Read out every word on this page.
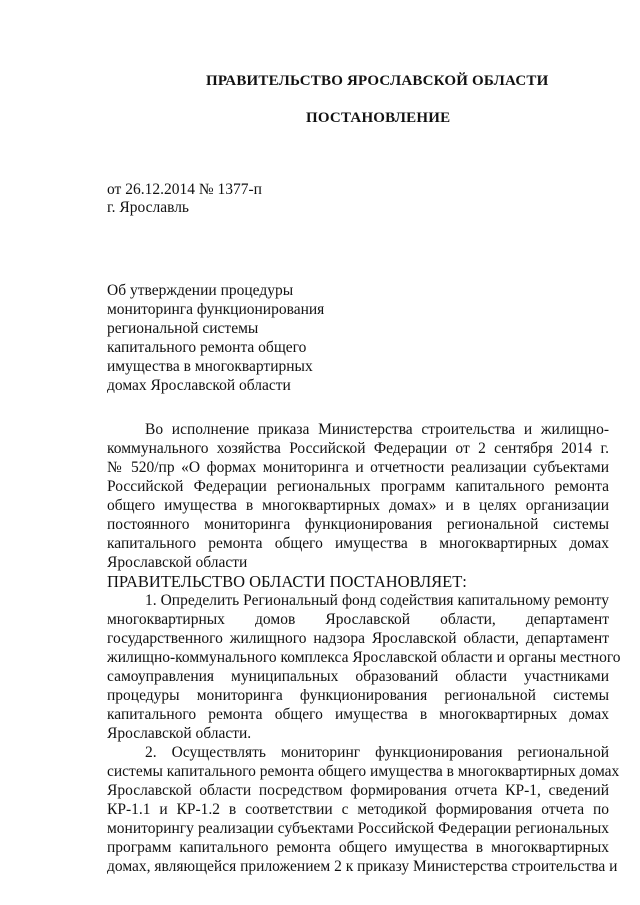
ПРАВИТЕЛЬСТВО ЯРОСЛАВСКОЙ ОБЛАСТИ
ПОСТАНОВЛЕНИЕ
от 26.12.2014 № 1377-п
г. Ярославль
Об утверждении процедуры
мониторинга функционирования
региональной системы
капитального ремонта общего
имущества в многоквартирных
домах Ярославской области
Во исполнение приказа Министерства строительства и жилищно-
коммунального хозяйства Российской Федерации от 2 сентября 2014 г.
№ 520/пр «О формах мониторинга и отчетности реализации субъектами
Российской Федерации региональных программ капитального ремонта
общего имущества в многоквартирных домах» и в целях организации
постоянного мониторинга функционирования региональной системы
капитального ремонта общего имущества в многоквартирных домах
Ярославской области
ПРАВИТЕЛЬСТВО ОБЛАСТИ ПОСТАНОВЛЯЕТ:
1. Определить Региональный фонд содействия капитальному ремонту
многоквартирных домов Ярославской области, департамент
государственного жилищного надзора Ярославской области, департамент
жилищно-коммунального комплекса Ярославской области и органы местного
самоуправления муниципальных образований области участниками
процедуры мониторинга функционирования региональной системы
капитального ремонта общего имущества в многоквартирных домах
Ярославской области.
2. Осуществлять мониторинг функционирования региональной
системы капитального ремонта общего имущества в многоквартирных домах
Ярославской области посредством формирования отчета КР-1, сведений
КР-1.1 и КР-1.2 в соответствии с методикой формирования отчета по
мониторингу реализации субъектами Российской Федерации региональных
программ капитального ремонта общего имущества в многоквартирных
домах, являющейся приложением 2 к приказу Министерства строительства и
